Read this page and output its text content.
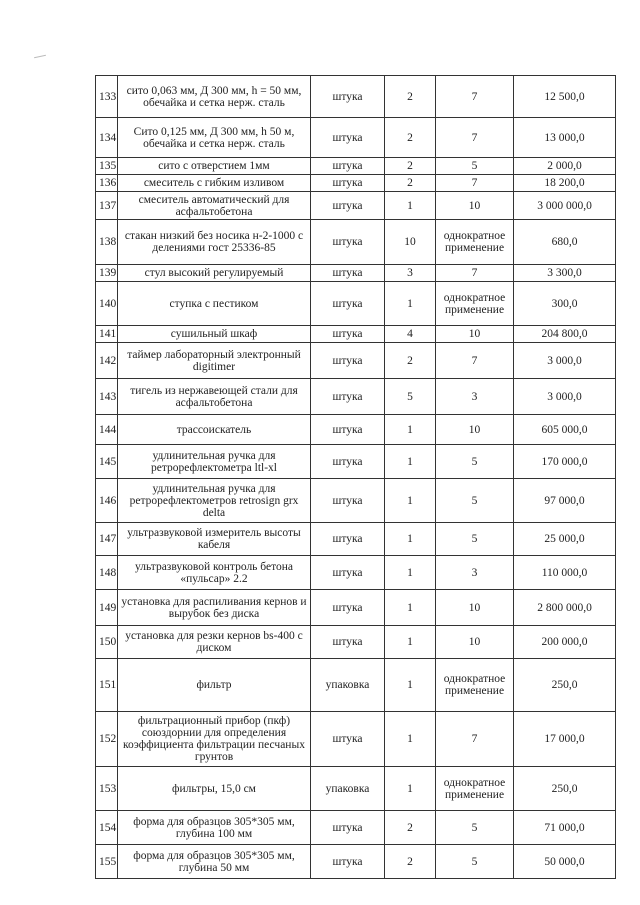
133	сито 0,063 мм, Д 300 мм, h = 50 мм, обечайка и сетка нерж. сталь	штука	2	7	12 500,0
134	Сито 0,125 мм, Д 300 мм, h 50 м, обечайка и сетка нерж. сталь	штука	2	7	13 000,0
135	сито с отверстием 1мм	штука	2	5	2 000,0
136	смеситель с гибким изливом	штука	2	7	18 200,0
137	смеситель автоматический для асфальтобетона	штука	1	10	3 000 000,0
138	стакан низкий без носика н-2-1000 с делениями гост 25336-85	штука	10	однократное применение	680,0
139	стул высокий регулируемый	штука	3	7	3 300,0
140	ступка с пестиком	штука	1	однократное применение	300,0
141	сушильный шкаф	штука	4	10	204 800,0
142	таймер лабораторный электронный digitimer	штука	2	7	3 000,0
143	тигель из нержавеющей стали для асфальтобетона	штука	5	3	3 000,0
144	трассоискатель	штука	1	10	605 000,0
145	удлинительная ручка для ретрорефлектометра ltl-xl	штука	1	5	170 000,0
146	удлинительная ручка для ретрорефлектометров retrosign grx delta	штука	1	5	97 000,0
147	ультразвуковой измеритель высоты кабеля	штука	1	5	25 000,0
148	ультразвуковой контроль бетона «пульсар» 2.2	штука	1	3	110 000,0
149	установка для распиливания кернов и вырубок без диска	штука	1	10	2 800 000,0
150	установка для резки кернов bs-400 с диском	штука	1	10	200 000,0
151	фильтр	упаковка	1	однократное применение	250,0
152	фильтрационный прибор (пкф) союздорнии для определения коэффициента фильтрации песчаных грунтов	штука	1	7	17 000,0
153	фильтры, 15,0 см	упаковка	1	однократное применение	250,0
154	форма для образцов 305*305 мм, глубина 100 мм	штука	2	5	71 000,0
155	форма для образцов 305*305 мм, глубина 50 мм	штука	2	5	50 000,0
